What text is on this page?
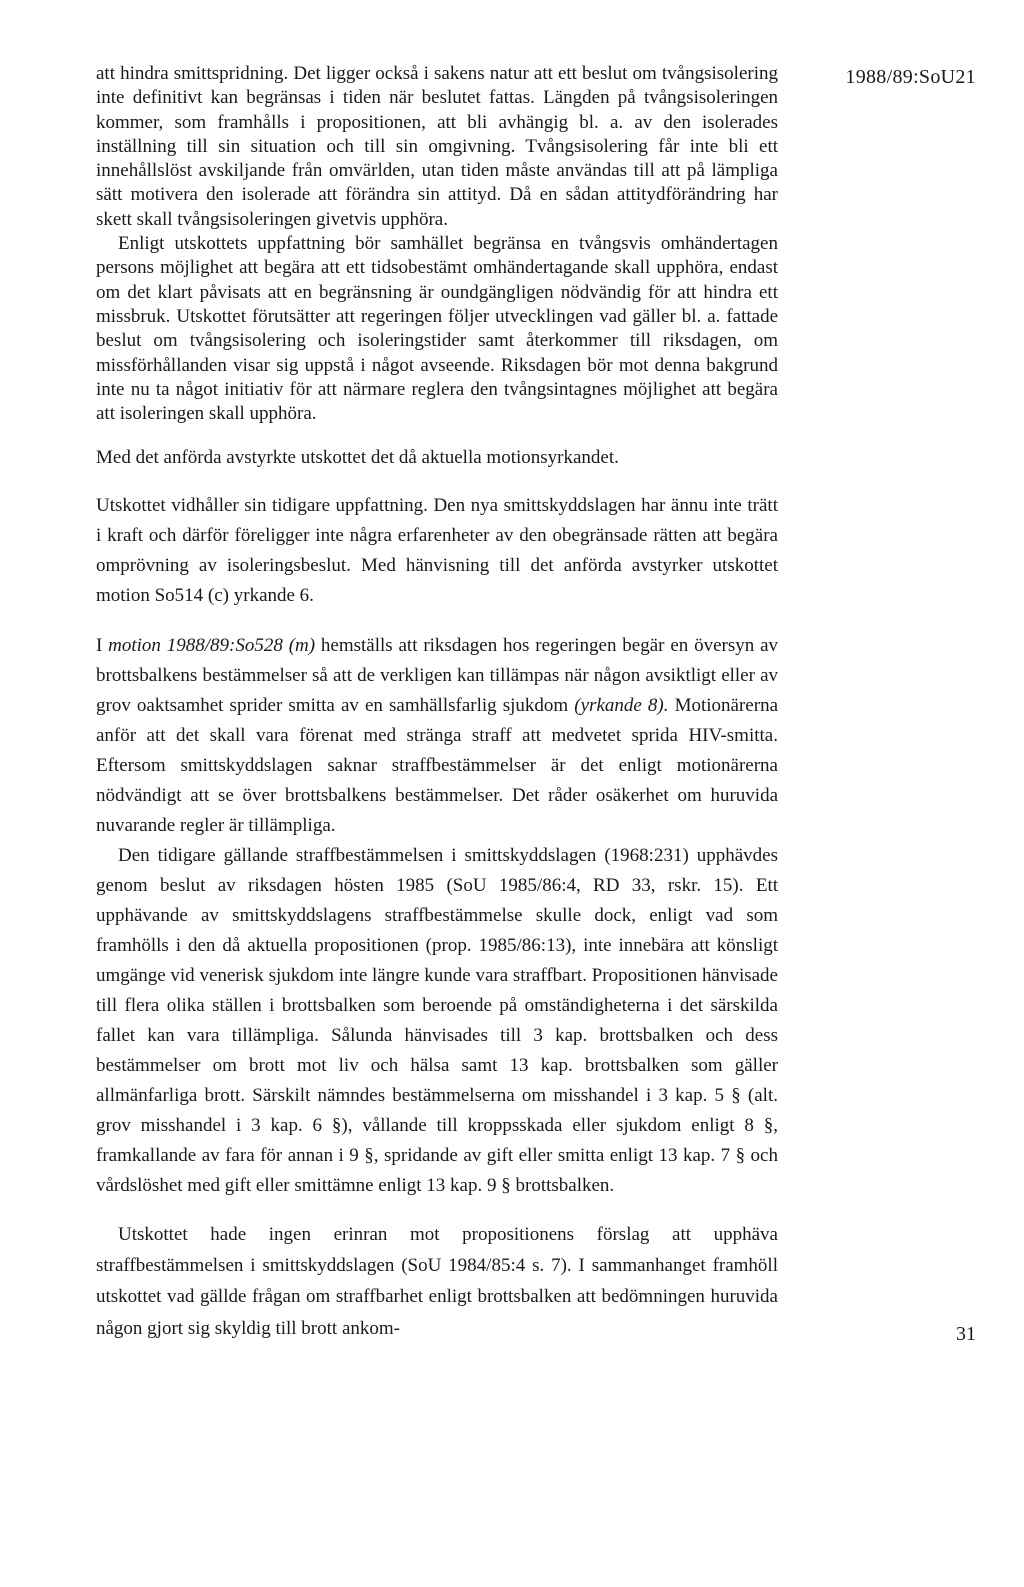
1988/89:SoU21

att hindra smittspridning. Det ligger också i sakens natur att ett beslut om tvångsisolering inte definitivt kan begränsas i tiden när beslutet fattas. Längden på tvångsisoleringen kommer, som framhålls i propositionen, att bli avhängig bl. a. av den isolerades inställning till sin situation och till sin omgivning. Tvångsisolering får inte bli ett innehållslöst avskiljande från omvärlden, utan tiden måste användas till att på lämpliga sätt motivera den isolerade att förändra sin attityd. Då en sådan attitydförändring har skett skall tvångsisoleringen givetvis upphöra.

Enligt utskottets uppfattning bör samhället begränsa en tvångsvis omhändertagen persons möjlighet att begära att ett tidsobestämt omhändertagande skall upphöra, endast om det klart påvisats att en begränsning är oundgängligen nödvändig för att hindra ett missbruk. Utskottet förutsätter att regeringen följer utvecklingen vad gäller bl. a. fattade beslut om tvångsisolering och isoleringstider samt återkommer till riksdagen, om missförhållanden visar sig uppstå i något avseende. Riksdagen bör mot denna bakgrund inte nu ta något initiativ för att närmare reglera den tvångsintagnes möjlighet att begära att isoleringen skall upphöra.

Med det anförda avstyrkte utskottet det då aktuella motionsyrkandet.

Utskottet vidhåller sin tidigare uppfattning. Den nya smittskyddslagen har ännu inte trätt i kraft och därför föreligger inte några erfarenheter av den obegränsade rätten att begära omprövning av isoleringsbeslut. Med hänvisning till det anförda avstyrker utskottet motion So514 (c) yrkande 6.

I motion 1988/89:So528 (m) hemställs att riksdagen hos regeringen begär en översyn av brottsbalkens bestämmelser så att de verkligen kan tillämpas när någon avsiktligt eller av grov oaktsamhet sprider smitta av en samhällsfarlig sjukdom (yrkande 8). Motionärerna anför att det skall vara förenat med stränga straff att medvetet sprida HIV-smitta. Eftersom smittskyddslagen saknar straffbestämmelser är det enligt motionärerna nödvändigt att se över brottsbalkens bestämmelser. Det råder osäkerhet om huruvida nuvarande regler är tillämpliga.

Den tidigare gällande straffbestämmelsen i smittskyddslagen (1968:231) upphävdes genom beslut av riksdagen hösten 1985 (SoU 1985/86:4, RD 33, rskr. 15). Ett upphävande av smittskyddslagens straffbestämmelse skulle dock, enligt vad som framhölls i den då aktuella propositionen (prop. 1985/86:13), inte innebära att könsligt umgänge vid venerisk sjukdom inte längre kunde vara straffbart. Propositionen hänvisade till flera olika ställen i brottsbalken som beroende på omständigheterna i det särskilda fallet kan vara tillämpliga. Sålunda hänvisades till 3 kap. brottsbalken och dess bestämmelser om brott mot liv och hälsa samt 13 kap. brottsbalken som gäller allmänfarliga brott. Särskilt nämndes bestämmelserna om misshandel i 3 kap. 5 § (alt. grov misshandel i 3 kap. 6 §), vållande till kroppsskada eller sjukdom enligt 8 §, framkallande av fara för annan i 9 §, spridande av gift eller smitta enligt 13 kap. 7 § och vårdslöshet med gift eller smittämne enligt 13 kap. 9 § brottsbalken.

Utskottet hade ingen erinran mot propositionens förslag att upphäva straffbestämmelsen i smittskyddslagen (SoU 1984/85:4 s. 7). I sammanhanget framhöll utskottet vad gällde frågan om straffbarhet enligt brottsbalken att bedömningen huruvida någon gjort sig skyldig till brott ankom-	31
